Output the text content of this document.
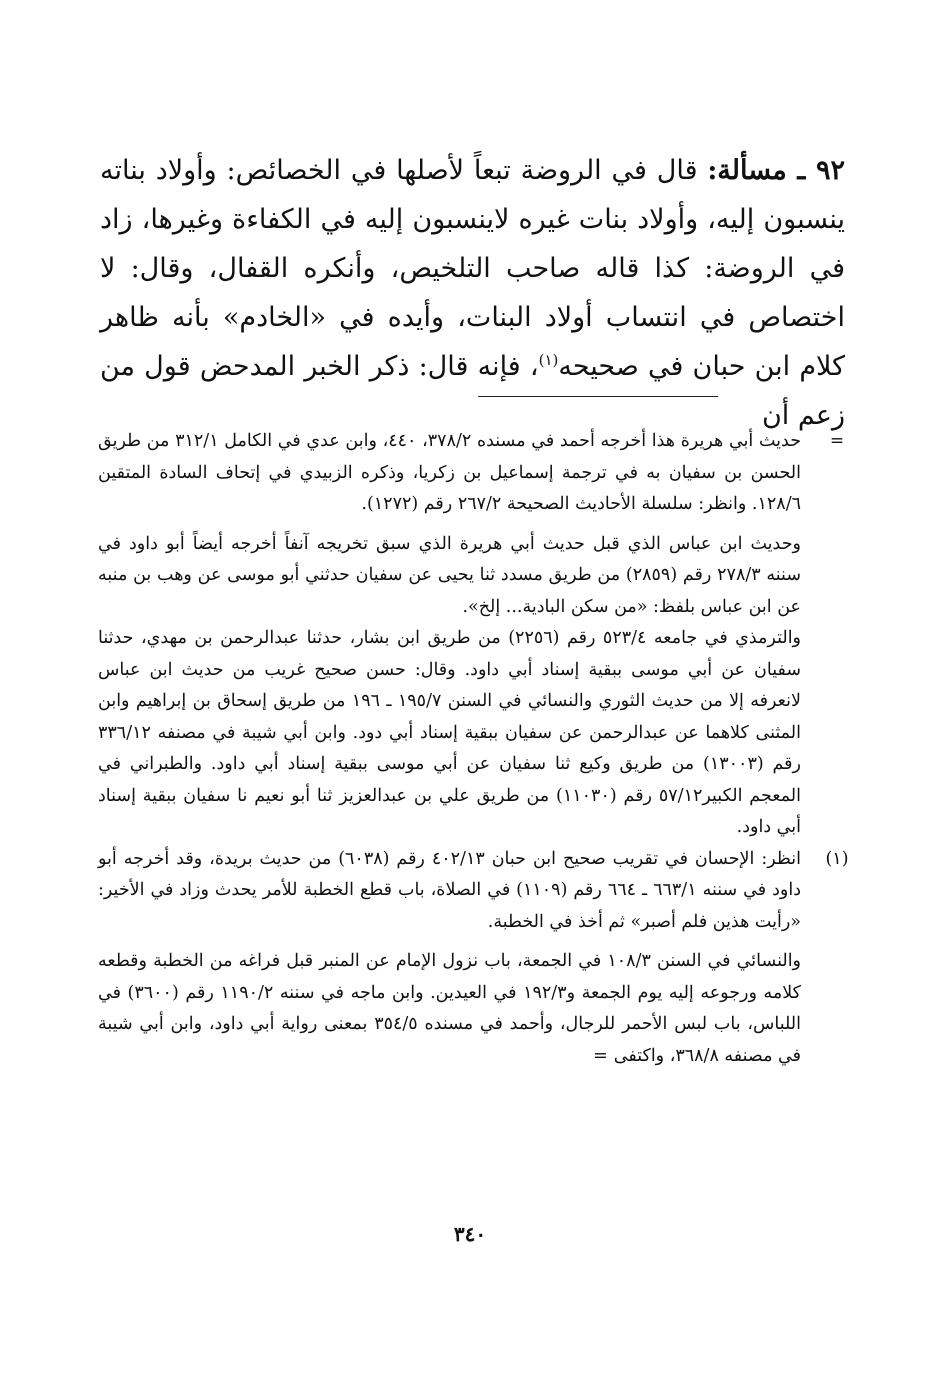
٩٢ ـ مسألة: قال في الروضة تبعاً لأصلها في الخصائص: وأولاد بناته ينسبون إليه، وأولاد بنات غيره لاينسبون إليه في الكفاءة وغيرها، زاد في الروضة: كذا قاله صاحب التلخيص، وأنكره القفال، وقال: لا اختصاص في انتساب أولاد البنات، وأيده في «الخادم» بأنه ظاهر كلام ابن حبان في صحيحه$^{(١)}$، فإنه قال: ذكر الخبر المدحض قول من زعم أن

=

حديث أبي هريرة هذا أخرجه أحمد في مسنده ٣٧٨/٢، ٤٤٠، وابن عدي في الكامل ٣١٢/١ من طريق الحسن بن سفيان به في ترجمة إسماعيل بن زكريا، وذكره الزبيدي في إتحاف السادة المتقين ١٢٨/٦. وانظر: سلسلة الأحاديث الصحيحة ٢٦٧/٢ رقم (١٢٧٢).

وحديث ابن عباس الذي قبل حديث أبي هريرة الذي سبق تخريجه آنفاً أخرجه أيضاً أبو داود في سننه ٢٧٨/٣ رقم (٢٨٥٩) من طريق مسدد ثنا يحيى عن سفيان حدثني أبو موسى عن وهب بن منبه عن ابن عباس بلفظ: «من سكن البادية... إلخ».

والترمذي في جامعه ٥٢٣/٤ رقم (٢٢٥٦) من طريق ابن بشار، حدثنا عبدالرحمن بن مهدي، حدثنا سفيان عن أبي موسى ببقية إسناد أبي داود. وقال: حسن صحيح غريب من حديث ابن عباس لانعرفه إلا من حديث الثوري والنسائي في السنن ١٩٥/٧ ـ ١٩٦ من طريق إسحاق بن إبراهيم وابن المثنى كلاهما عن عبدالرحمن عن سفيان ببقية إسناد أبي دود. وابن أبي شيبة في مصنفه ٣٣٦/١٢ رقم (١٣٠٠٣) من طريق وكيع ثنا سفيان عن أبي موسى ببقية إسناد أبي داود. والطبراني في المعجم الكبير٥٧/١٢ رقم (١١٠٣٠) من طريق علي بن عبدالعزيز ثنا أبو نعيم نا سفيان ببقية إسناد أبي داود.

(١)

انظر: الإحسان في تقريب صحيح ابن حبان ٤٠٢/١٣ رقم (٦٠٣٨) من حديث بريدة، وقد أخرجه أبو داود في سننه ٦٦٣/١ ـ ٦٦٤ رقم (١١٠٩) في الصلاة، باب قطع الخطبة للأمر يحدث وزاد في الأخير: «رأيت هذين فلم أصبر» ثم أخذ في الخطبة.

والنسائي في السنن ١٠٨/٣ في الجمعة، باب نزول الإمام عن المنبر قبل فراغه من الخطبة وقطعه كلامه ورجوعه إليه يوم الجمعة و١٩٢/٣ في العيدين. وابن ماجه في سننه ١١٩٠/٢ رقم (٣٦٠٠) في اللباس، باب لبس الأحمر للرجال، وأحمد في مسنده ٣٥٤/٥ بمعنى رواية أبي داود، وابن أبي شيبة في مصنفه ٣٦٨/٨، واكتفى=

٣٤٠
